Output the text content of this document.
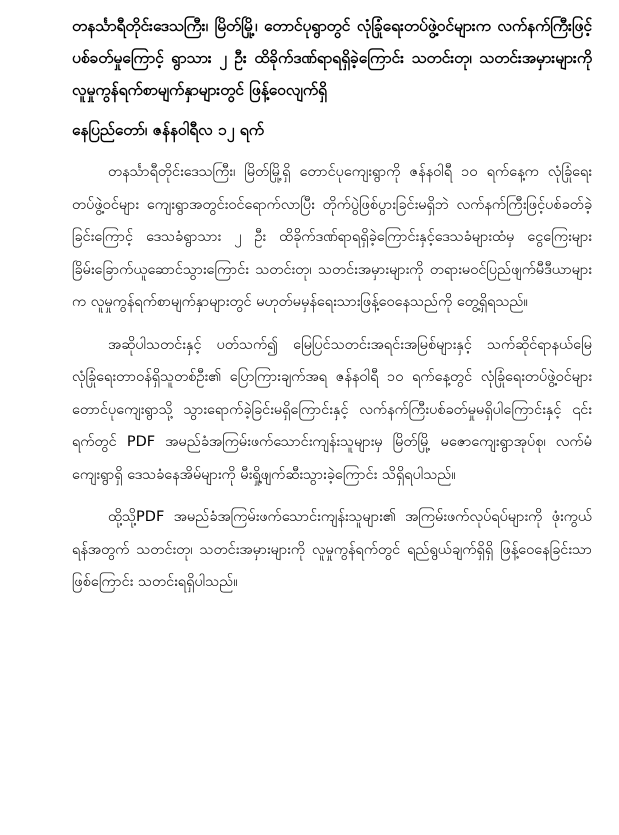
တနင်္သာရီတိုင်းဒေသကြီး၊ မြိတ်မြို့၊ တောင်ပုရွာတွင် လုံခြုံရေးတပ်ဖွဲ့ဝင်များက လက်နက်ကြီးဖြင့် ပစ်ခတ်မှုကြောင့် ရွာသား ၂ ဦး ထိခိုက်ဒဏ်ရာရရှိခဲ့ကြောင်း သတင်းတု၊ သတင်းအမှားများကို လူမှုကွန်ရက်စာမျက်နှာများတွင် ဖြန့်ဝေလျက်ရှိ

နေပြည်တော်၊ ဇန်နဝါရီလ ၁၂ ရက်

တနင်္သာရီတိုင်းဒေသကြီး၊ မြိတ်မြို့ရှိ တောင်ပုကျေးရွာကို ဇန်နဝါရီ ၁၀ ရက်နေ့က လုံခြုံရေးတပ်ဖွဲ့ဝင်များ ကျေးရွာအတွင်းဝင်ရောက်လာပြီး တိုက်ပွဲဖြစ်ပွားခြင်းမရှိဘဲ လက်နက်ကြီးဖြင့်ပစ်ခတ်ခဲ့ခြင်းကြောင့် ဒေသခံရွာသား ၂ ဦး ထိခိုက်ဒဏ်ရာရရှိခဲ့ကြောင်းနှင့်ဒေသခံများထံမှ ငွေကြေးများ ခြိမ်းခြောက်ယူဆောင်သွားကြောင်း သတင်းတု၊ သတင်းအမှားများကို တရားမဝင်ပြည်ဖျက်မီဒီယာများက လူမှုကွန်ရက်စာမျက်နှာများတွင် မဟုတ်မမှန်ရေးသားဖြန့်ဝေနေသည်ကို တွေ့ရှိရသည်။

အဆိုပါသတင်းနှင့် ပတ်သက်၍ မြေပြင်သတင်းအရင်းအမြစ်များနှင့် သက်ဆိုင်ရာနယ်မြေလုံခြုံရေးတာဝန်ရှိသူတစ်ဦး၏ ပြောကြားချက်အရ ဇန်နဝါရီ ၁၀ ရက်နေ့တွင် လုံခြုံရေးတပ်ဖွဲ့ဝင်များ တောင်ပုကျေးရွာသို့ သွားရောက်ခဲ့ခြင်းမရှိကြောင်းနှင့် လက်နက်ကြီးပစ်ခတ်မှုမရှိပါကြောင်းနှင့် ၎င်းရက်တွင် PDF အမည်ခံအကြမ်းဖက်သောင်းကျန်းသူများမှ မြိတ်မြို့ မဇောကျေးရွာအုပ်စု၊ လက်မံကျေးရွာရှိ ဒေသခံနေအိမ်များကို မီးရှို့ဖျက်ဆီးသွားခဲ့ကြောင်း သိရှိရပါသည်။

ထို့သို့PDF အမည်ခံအကြမ်းဖက်သောင်းကျန်းသူများ၏ အကြမ်းဖက်လုပ်ရပ်များကို ဖုံးကွယ်ရန်အတွက် သတင်းတု၊ သတင်းအမှားများကို လူမှုကွန်ရက်တွင် ရည်ရွယ်ချက်ရှိရှိ ဖြန့်ဝေနေခြင်းသာဖြစ်ကြောင်း သတင်းရရှိပါသည်။
